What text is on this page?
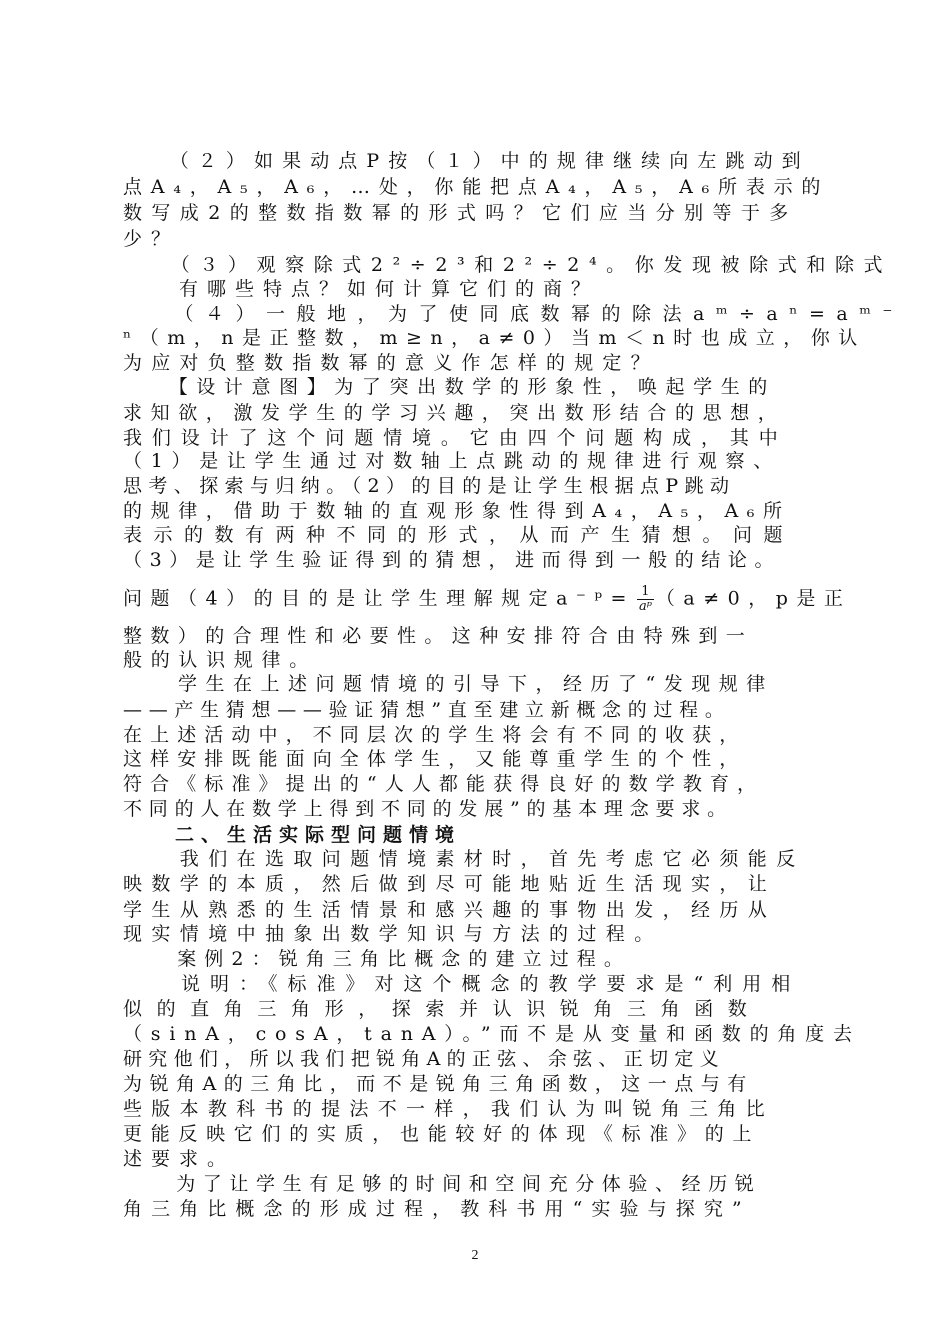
　　（２）如果动点P按（１）中的规律继续向左跳动到
点A₄，A₅，A₆，…处，你能把点A₄，A₅，A₆所表示的
数写成2的整数指数幂的形式吗？它们应当分别等于多
少？
　　（３）观察除式2²÷2³和2²÷2⁴。你发现被除式和除式
　　有哪些特点？如何计算它们的商？
　　（４）一般地，为了使同底数幂的除法aᵐ÷aⁿ=aᵐ⁻
ⁿ（m，n是正整数，m≥n，a≠0）当m＜n时也成立，你认
为应对负整数指数幂的意义作怎样的规定？
　　【设计意图】为了突出数学的形象性，唤起学生的
求知欲，激发学生的学习兴趣，突出数形结合的思想，
我们设计了这个问题情境。它由四个问题构成，其中
（1）是让学生通过对数轴上点跳动的规律进行观察、
思考、探索与归纳。（2）的目的是让学生根据点P跳动
的规律，借助于数轴的直观形象性得到A₄，A₅，A₆所
表示的数有两种不同的形式，从而产生猜想。问题
（3）是让学生验证得到的猜想，进而得到一般的结论。
问题（4）的目的是让学生理解规定a⁻ᵖ= $\frac{1}{\text{aᵖ}} (a\ne 0$，p是正
整数）的合理性和必要性。这种安排符合由特殊到一
般的认识规律。
　　学生在上述问题情境的引导下，经历了“发现规律
——产生猜想——验证猜想”直至建立新概念的过程。
在上述活动中，不同层次的学生将会有不同的收获，
这样安排既能面向全体学生，又能尊重学生的个性，
符合《标准》提出的“人人都能获得良好的数学教育，
不同的人在数学上得到不同的发展”的基本理念要求。
　　二、生活实际型问题情境
　　我们在选取问题情境素材时，首先考虑它必须能反
映数学的本质，然后做到尽可能地贴近生活现实，让
学生从熟悉的生活情景和感兴趣的事物出发，经历从
现实情境中抽象出数学知识与方法的过程。
　　案例2：锐角三角比概念的建立过程。
　　说明：《标准》对这个概念的教学要求是“利用相
似的直角三角形，探索并认识锐角三角函数
（sinA，cosA，tanA）。”而不是从变量和函数的角度去
研究他们，所以我们把锐角A的正弦、余弦、正切定义
为锐角A的三角比，而不是锐角三角函数，这一点与有
些版本教科书的提法不一样，我们认为叫锐角三角比
更能反映它们的实质，也能较好的体现《标准》的上
述要求。
　　为了让学生有足够的时间和空间充分体验、经历锐
角三角比概念的形成过程，教科书用“实验与探究”
2
